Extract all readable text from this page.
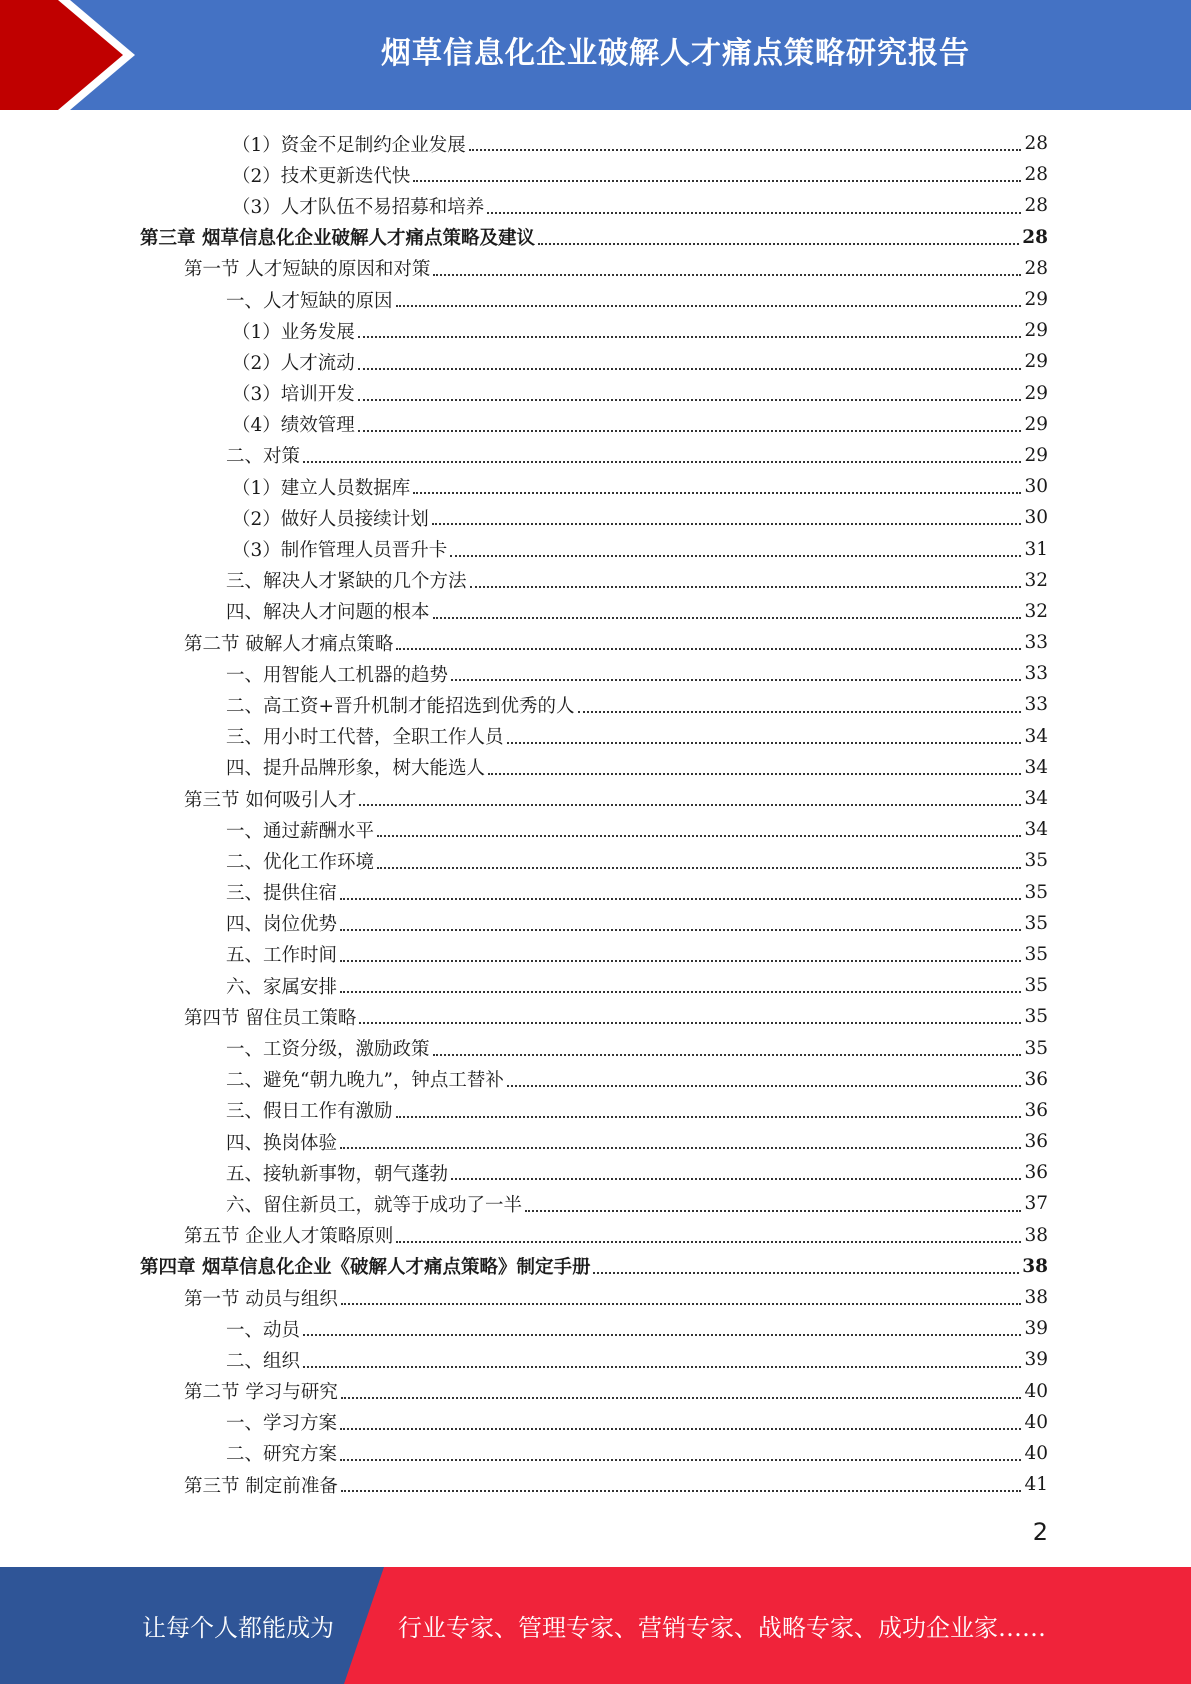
烟草信息化企业破解人才痛点策略研究报告
（1）资金不足制约企业发展	28
（2）技术更新迭代快	28
（3）人才队伍不易招募和培养	28
第三章 烟草信息化企业破解人才痛点策略及建议	28
第一节 人才短缺的原因和对策	28
一、人才短缺的原因	29
（1）业务发展	29
（2）人才流动	29
（3）培训开发	29
（4）绩效管理	29
二、对策	29
（1）建立人员数据库	30
（2）做好人员接续计划	30
（3）制作管理人员晋升卡	31
三、解决人才紧缺的几个方法	32
四、解决人才问题的根本	32
第二节 破解人才痛点策略	33
一、用智能人工机器的趋势	33
二、高工资+晋升机制才能招选到优秀的人	33
三、用小时工代替，全职工作人员	34
四、提升品牌形象，树大能选人	34
第三节 如何吸引人才	34
一、通过薪酬水平	34
二、优化工作环境	35
三、提供住宿	35
四、岗位优势	35
五、工作时间	35
六、家属安排	35
第四节 留住员工策略	35
一、工资分级，激励政策	35
二、避免“朝九晚九”，钟点工替补	36
三、假日工作有激励	36
四、换岗体验	36
五、接轨新事物，朝气蓬勃	36
六、留住新员工，就等于成功了一半	37
第五节 企业人才策略原则	38
第四章 烟草信息化企业《破解人才痛点策略》制定手册	38
第一节 动员与组织	38
一、动员	39
二、组织	39
第二节 学习与研究	40
一、学习方案	40
二、研究方案	40
第三节 制定前准备	41
2
让每个人都能成为	行业专家、管理专家、营销专家、战略专家、成功企业家……
